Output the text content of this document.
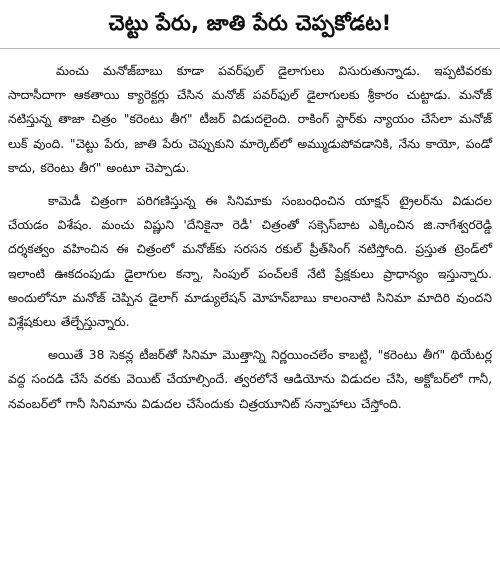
చెట్టు పేరు, జాతి పేరు చెప్పకోడట!

మంచు మనోజ్‌బాబు కూడా పవర్‌ఫుల్ డైలాగులు విసురుతున్నాడు. ఇప్పటివరకు సాదాసీదాగా ఆకతాయి క్యారెక్టర్లు చేసిన మనోజ్ పవర్‌ఫుల్ డైలాగులకు శ్రీకారం చుట్టాడు. మనోజ్ నటిస్తున్న తాజా చిత్రం "కరెంటు తీగ" టీజర్ విడుదలైంది. రాకింగ్ స్టార్‌కు న్యాయం చేసేలా మనోజ్ లుక్ వుంది. "చెట్టు పేరు, జాతి పేరు చెప్పుకుని మార్కెట్‌లో అమ్ముడుపోవడానికి, నేను కాయో, పండో కాదు, కరెంటు తీగ" అంటూ చెప్పాడు.

కామెడీ చిత్రంగా పరిగణిస్తున్న ఈ సినిమాకు సంబంధించిన యాక్షన్ ట్రైలర్‌ను విడుదల చేయడం విశేషం. మంచు విష్ణుని 'దేనికైనా రెడీ' చిత్రంతో సక్సెస్‌బాట ఎక్కించిన జి.నాగేశ్వరరెడ్డి దర్శకత్వం వహించిన ఈ చిత్రంలో మనోజ్‌కు సరసన రకుల్ ప్రీత్‌సింగ్ నటిస్తోంది. ప్రస్తుత ట్రెండ్‌లో ఇలాంటి ఊకదంపుడు డైలాగుల కన్నా, సింపుల్ పంచ్‌లకే నేటి ప్రేక్షకులు ప్రాధాన్యం ఇస్తున్నారు. అందులోనూ మనోజ్ చెప్పిన డైలాగ్ మాడ్యులేషన్ మోహన్‌బాబు కాలంనాటి సినిమా మాదిరి వుందని విశ్లేషకులు తేల్చేస్తున్నారు.

అయితే 38 సెకన్ల టీజర్‌తో సినిమా మొత్తాన్ని నిర్ణయించలేం కాబట్టి, "కరెంటు తీగ" థియేటర్ల వద్ద సందడి చేసే వరకు వెయిట్ చేయాల్సిందే. త్వరలోనే ఆడియోను విడుదల చేసి, అక్టోబర్‌లో గానీ, నవంబర్‌లో గానీ సినిమాను విడుదల చేసేందుకు చిత్రయూనిట్ సన్నాహాలు చేస్తోంది.
